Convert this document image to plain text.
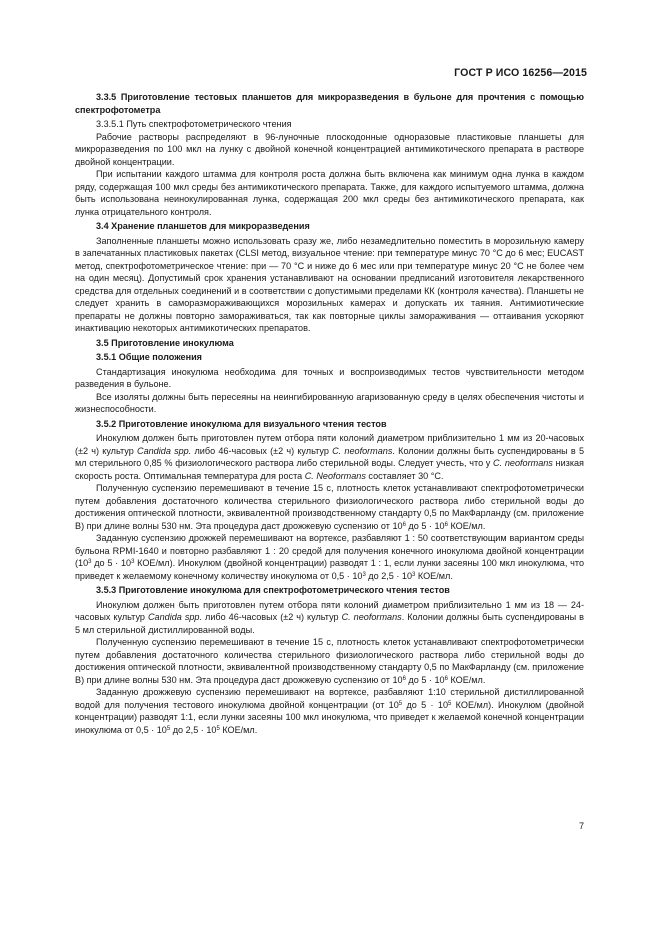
ГОСТ Р ИСО 16256—2015

3.3.5 Приготовление тестовых планшетов для микроразведения в бульоне для прочтения с помощью спектрофотометра

3.3.5.1 Путь спектрофотометрического чтения

Рабочие растворы распределяют в 96-луночные плоскодонные одноразовые пластиковые планшеты для микроразведения по 100 мкл на лунку с двойной конечной концентрацией антимикотического препарата в растворе двойной концентрации.

При испытании каждого штамма для контроля роста должна быть включена как минимум одна лунка в каждом ряду, содержащая 100 мкл среды без антимикотического препарата. Также, для каждого испытуемого штамма, должна быть использована неинокулированная лунка, содержащая 200 мкл среды без антимикотического препарата, как лунка отрицательного контроля.

3.4 Хранение планшетов для микроразведения

Заполненные планшеты можно использовать сразу же, либо незамедлительно поместить в морозильную камеру в запечатанных пластиковых пакетах (CLSI метод, визуальное чтение: при температуре минус 70 °C до 6 мес; EUCAST метод, спектрофотометрическое чтение: при — 70 °C и ниже до 6 мес или при температуре минус 20 °C не более чем на один месяц). Допустимый срок хранения устанавливают на основании предписаний изготовителя лекарственного средства для отдельных соединений и в соответствии с допустимыми пределами КК (контроля качества). Планшеты не следует хранить в саморазмораживающихся морозильных камерах и допускать их таяния. Антимиотические препараты не должны повторно замораживаться, так как повторные циклы замораживания — оттаивания ускоряют инактивацию некоторых антимикотических препаратов.

3.5 Приготовление инокулюма

3.5.1 Общие положения

Стандартизация инокулюма необходима для точных и воспроизводимых тестов чувствительности методом разведения в бульоне.

Все изоляты должны быть пересеяны на неингибированную агаризованную среду в целях обеспечения чистоты и жизнеспособности.

3.5.2 Приготовление инокулюма для визуального чтения тестов

Инокулюм должен быть приготовлен путем отбора пяти колоний диаметром приблизительно 1 мм из 20-часовых (±2 ч) культур Candida spp. либо 46-часовых (±2 ч) культур C. neoformans. Колонии должны быть суспендированы в 5 мл стерильного 0,85 % физиологического раствора либо стерильной воды. Следует учесть, что у C. neoformans низкая скорость роста. Оптимальная температура для роста C. Neoformans составляет 30 °C.

Полученную суспензию перемешивают в течение 15 с, плотность клеток устанавливают спектрофотометрически путем добавления достаточного количества стерильного физиологического раствора либо стерильной воды до достижения оптической плотности, эквивалентной производственному стандарту 0,5 по МакФарланду (см. приложение В) при длине волны 530 нм. Эта процедура даст дрожжевую суспензию от $10^6$ до $5 \cdot 10^6$ КОЕ/мл.

Заданную суспензию дрожжей перемешивают на вортексе, разбавляют 1 : 50 соответствующим вариантом среды бульона RPMI-1640 и повторно разбавляют 1 : 20 средой для получения конечного инокулюма двойной концентрации ($10^3$ до $5 \cdot 10^3$ КОЕ/мл). Инокулюм (двойной концентрации) разводят 1 : 1, если лунки засеяны 100 мкл инокулюма, что приведет к желаемому конечному количеству инокулюма от $0,5 \cdot 10^3$ до $2,5 \cdot 10^3$ КОЕ/мл.

3.5.3 Приготовление инокулюма для спектрофотометрического чтения тестов

Инокулюм должен быть приготовлен путем отбора пяти колоний диаметром приблизительно 1 мм из 18 — 24-часовых культур Candida spp. либо 46-часовых (±2 ч) культур C. neoformans. Колонии должны быть суспендированы в 5 мл стерильной дистиллированной воды.

Полученную суспензию перемешивают в течение 15 с, плотность клеток устанавливают спектрофотометрически путем добавления достаточного количества стерильного физиологического раствора либо стерильной воды до достижения оптической плотности, эквивалентной производственному стандарту 0,5 по МакФарланду (см. приложение В) при длине волны 530 нм. Эта процедура даст дрожжевую суспензию от $10^6$ до $5 \cdot 10^6$ КОЕ/мл.

Заданную дрожжевую суспензию перемешивают на вортексе, разбавляют 1:10 стерильной дистиллированной водой для получения тестового инокулюма двойной концентрации (от $10^5$ до $5 \cdot 10^5$ КОЕ/мл). Инокулюм (двойной концентрации) разводят 1:1, если лунки засеяны 100 мкл инокулюма, что приведет к желаемой конечной концентрации инокулюма от $0,5 \cdot 10^5$ до $2,5 \cdot 10^5$ КОЕ/мл.

7
